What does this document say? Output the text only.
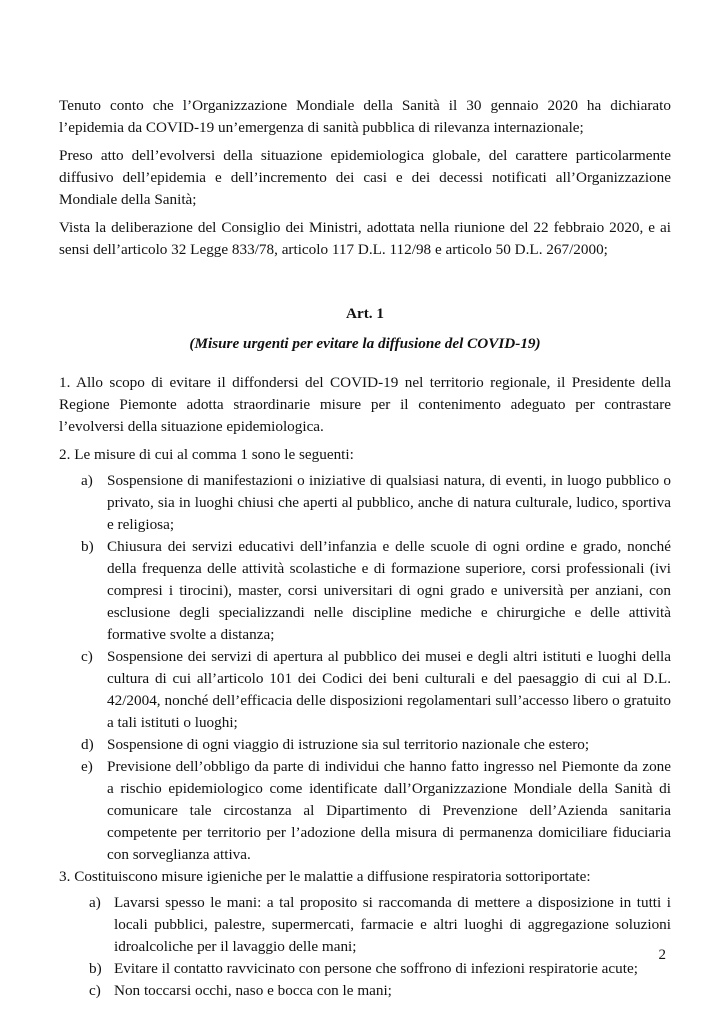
Tenuto conto che l’Organizzazione Mondiale della Sanità il 30 gennaio 2020 ha dichiarato l’epidemia da COVID-19 un’emergenza di sanità pubblica di rilevanza internazionale;

Preso atto dell’evolversi della situazione epidemiologica globale, del carattere particolarmente diffusivo dell’epidemia e dell’incremento dei casi e dei decessi notificati all’Organizzazione Mondiale della Sanità;

Vista la deliberazione del Consiglio dei Ministri, adottata nella riunione del 22 febbraio 2020, e ai sensi dell’articolo 32 Legge 833/78, articolo 117 D.L. 112/98 e articolo 50 D.L. 267/2000;

Art. 1
(Misure urgenti per evitare la diffusione del COVID-19)

1. Allo scopo di evitare il diffondersi del COVID-19 nel territorio regionale, il Presidente della Regione Piemonte adotta straordinarie misure per il contenimento adeguato per contrastare l’evolversi della situazione epidemiologica.

2. Le misure di cui al comma 1 sono le seguenti:

a) Sospensione di manifestazioni o iniziative di qualsiasi natura, di eventi, in luogo pubblico o privato, sia in luoghi chiusi che aperti al pubblico, anche di natura culturale, ludico, sportiva e religiosa;
b) Chiusura dei servizi educativi dell’infanzia e delle scuole di ogni ordine e grado, nonché della frequenza delle attività scolastiche e di formazione superiore, corsi professionali (ivi compresi i tirocini), master, corsi universitari di ogni grado e università per anziani, con esclusione degli specializzandi nelle discipline mediche e chirurgiche e delle attività formative svolte a distanza;
c) Sospensione dei servizi di apertura al pubblico dei musei e degli altri istituti e luoghi della cultura di cui all’articolo 101 dei Codici dei beni culturali e del paesaggio di cui al D.L. 42/2004, nonché dell’efficacia delle disposizioni regolamentari sull’accesso libero o gratuito a tali istituti o luoghi;
d) Sospensione di ogni viaggio di istruzione sia sul territorio nazionale che estero;
e) Previsione dell’obbligo da parte di individui che hanno fatto ingresso nel Piemonte da zone a rischio epidemiologico come identificate dall’Organizzazione Mondiale della Sanità di comunicare tale circostanza al Dipartimento di Prevenzione dell’Azienda sanitaria competente per territorio per l’adozione della misura di permanenza domiciliare fiduciaria con sorveglianza attiva.

3. Costituiscono misure igieniche per le malattie a diffusione respiratoria sottoriportate:

a) Lavarsi spesso le mani: a tal proposito si raccomanda di mettere a disposizione in tutti i locali pubblici, palestre, supermercati, farmacie e altri luoghi di aggregazione soluzioni idroalcoliche per il lavaggio delle mani;
b) Evitare il contatto ravvicinato con persone che soffrono di infezioni respiratorie acute;
c) Non toccarsi occhi, naso e bocca con le mani;
2
